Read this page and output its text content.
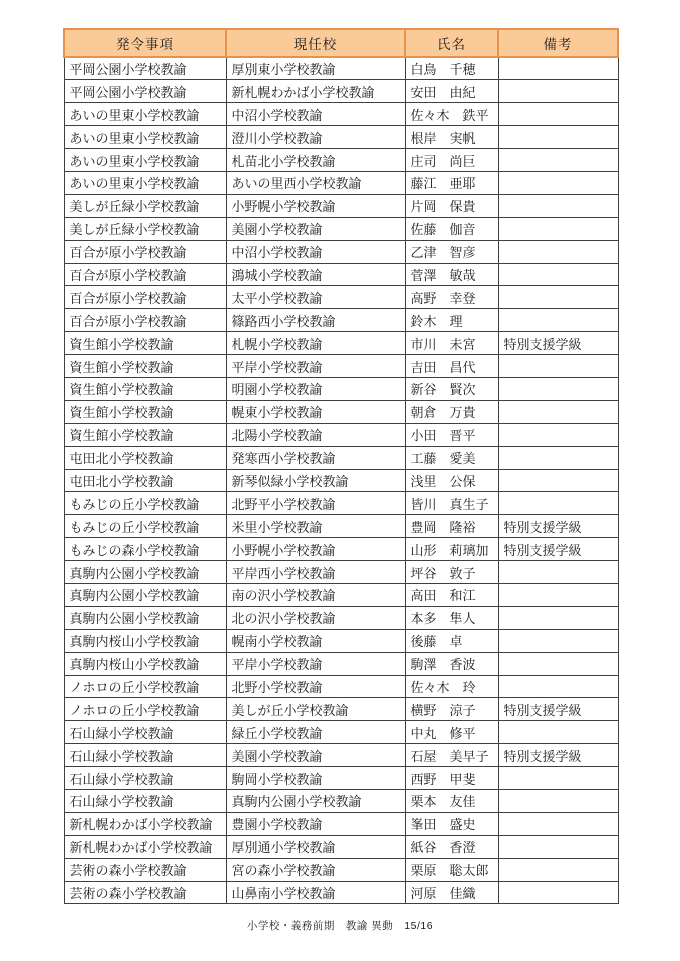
発令事項	現任校	氏名	備考
平岡公園小学校教諭	厚別東小学校教諭	白鳥　千穂	
平岡公園小学校教諭	新札幌わかば小学校教諭	安田　由紀	
あいの里東小学校教諭	中沼小学校教諭	佐々木　鉄平	
あいの里東小学校教諭	澄川小学校教諭	根岸　実帆	
あいの里東小学校教諭	札苗北小学校教諭	庄司　尚巨	
あいの里東小学校教諭	あいの里西小学校教諭	藤江　亜耶	
美しが丘緑小学校教諭	小野幌小学校教諭	片岡　保貴	
美しが丘緑小学校教諭	美園小学校教諭	佐藤　伽音	
百合が原小学校教諭	中沼小学校教諭	乙津　智彦	
百合が原小学校教諭	鴻城小学校教諭	菅澤　敏哉	
百合が原小学校教諭	太平小学校教諭	高野　幸登	
百合が原小学校教諭	篠路西小学校教諭	鈴木　理	
資生館小学校教諭	札幌小学校教諭	市川　未宮	特別支援学級
資生館小学校教諭	平岸小学校教諭	吉田　昌代	
資生館小学校教諭	明園小学校教諭	新谷　賢次	
資生館小学校教諭	幌東小学校教諭	朝倉　万貴	
資生館小学校教諭	北陽小学校教諭	小田　晋平	
屯田北小学校教諭	発寒西小学校教諭	工藤　愛美	
屯田北小学校教諭	新琴似緑小学校教諭	浅里　公保	
もみじの丘小学校教諭	北野平小学校教諭	皆川　真生子	
もみじの丘小学校教諭	米里小学校教諭	豊岡　隆裕	特別支援学級
もみじの森小学校教諭	小野幌小学校教諭	山形　莉璃加	特別支援学級
真駒内公園小学校教諭	平岸西小学校教諭	坪谷　敦子	
真駒内公園小学校教諭	南の沢小学校教諭	高田　和江	
真駒内公園小学校教諭	北の沢小学校教諭	本多　隼人	
真駒内桜山小学校教諭	幌南小学校教諭	後藤　卓	
真駒内桜山小学校教諭	平岸小学校教諭	駒澤　香波	
ノホロの丘小学校教諭	北野小学校教諭	佐々木　玲	
ノホロの丘小学校教諭	美しが丘小学校教諭	横野　涼子	特別支援学級
石山緑小学校教諭	緑丘小学校教諭	中丸　修平	
石山緑小学校教諭	美園小学校教諭	石屋　美早子	特別支援学級
石山緑小学校教諭	駒岡小学校教諭	西野　甲斐	
石山緑小学校教諭	真駒内公園小学校教諭	栗本　友佳	
新札幌わかば小学校教諭	豊園小学校教諭	峯田　盛史	
新札幌わかば小学校教諭	厚別通小学校教諭	紙谷　香澄	
芸術の森小学校教諭	宮の森小学校教諭	栗原　聡太郎	
芸術の森小学校教諭	山鼻南小学校教諭	河原　佳織	
小学校・義務前期　教諭 異動　15/16
